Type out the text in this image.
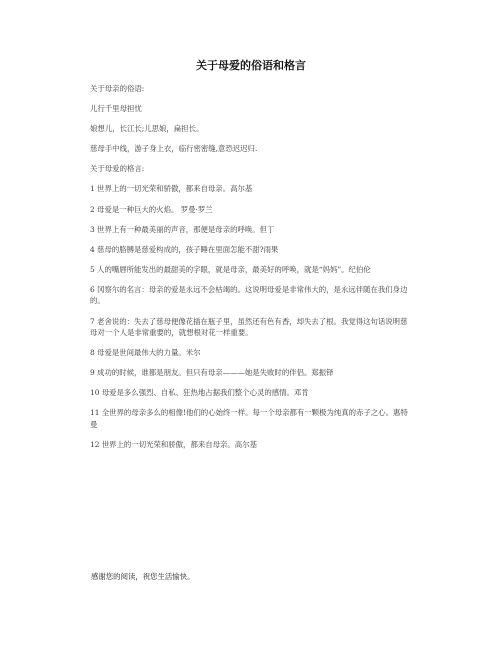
关于母爱的俗语和格言

关于母亲的俗语:

儿行千里母担忧

娘想儿，长江长;儿思娘，扁担长。

慈母手中线，游子身上衣，临行密密缝,意恐迟迟归.

关于母爱的格言:

1 世界上的一切光荣和骄傲，都来自母亲。高尔基

2 母爱是一种巨大的火焰。 罗曼·罗兰

3 世界上有一种最美丽的声音，那便是母亲的呼唤。但丁

4 慈母的胳膊是慈爱构成的，孩子睡在里面怎能不甜?雨果

5 人的嘴唇所能发出的最甜美的字眼，就是母亲，最美好的呼唤，就是“妈妈”。纪伯伦

6 冈察尔的名言：母亲的爱是永远不会枯竭的。这说明母爱是非常伟大的，是永远伴随在我们身边的。

7 老舍说的：失去了慈母便像花插在瓶子里，虽然还有色有香，却失去了根。我觉得这句话说明慈母对一个人是非常重要的，就想根对花一样重要。

8 母爱是世间最伟大的力量。米尔

9 成功的时候，谁都是朋友。但只有母亲———她是失败时的伴侣。郑振铎

10 母爱是多么强烈、自私、狂热地占据我们整个心灵的感情。邓肯

11 全世界的母亲多么的相像!他们的心始终一样。每一个母亲都有一颗极为纯真的赤子之心。惠特曼

12 世界上的一切光荣和骄傲，都来自母亲。高尔基

感谢您的阅读，祝您生活愉快。
